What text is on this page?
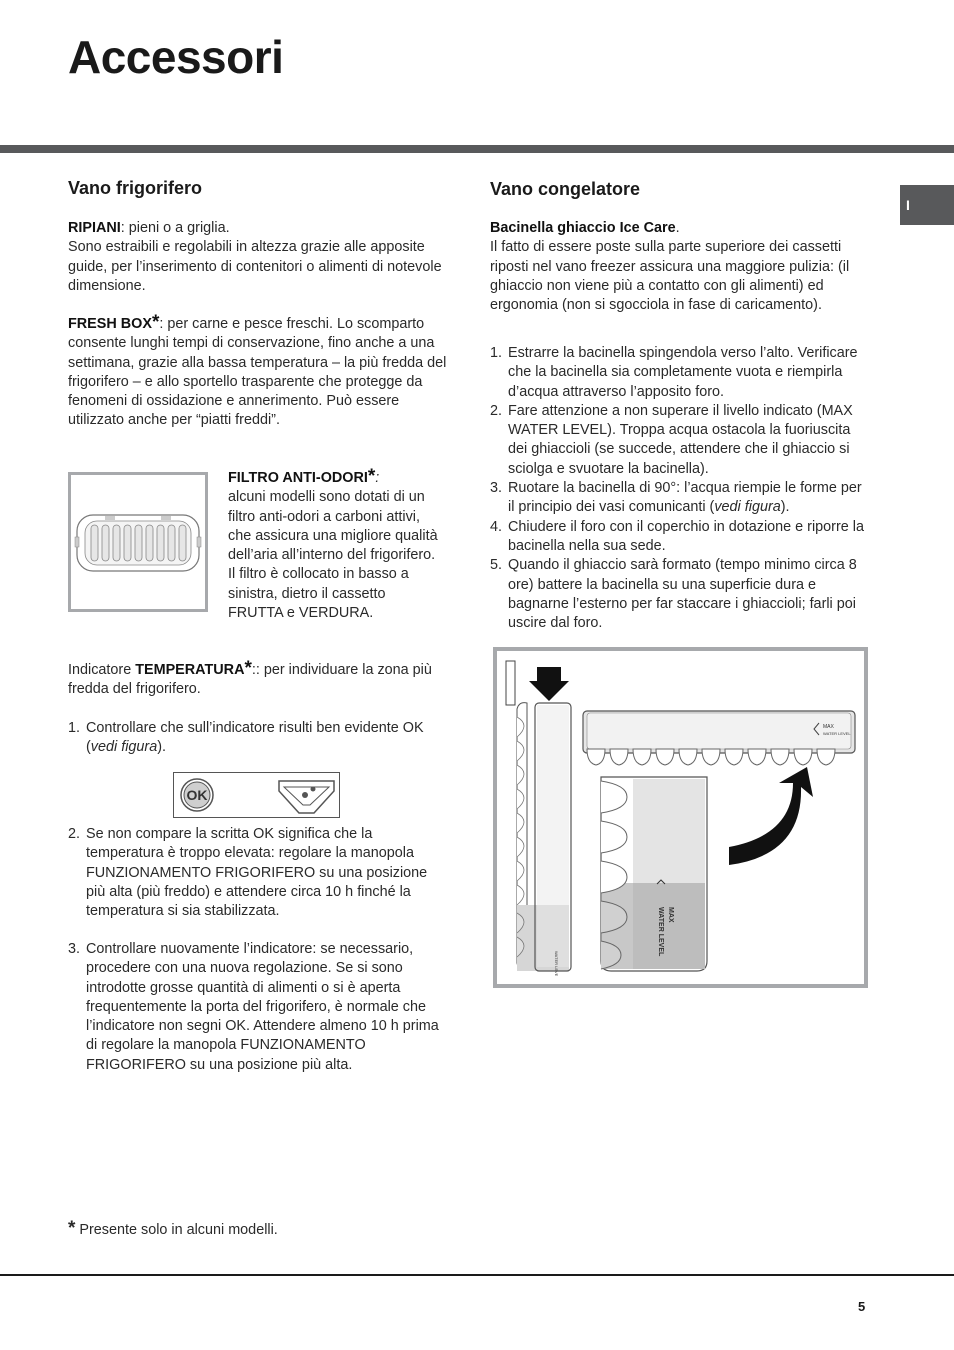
Accessori
I
Vano frigorifero

RIPIANI: pieni o a griglia.

Sono estraibili e regolabili in altezza grazie alle apposite guide, per l’inserimento di contenitori o alimenti di notevole dimensione.

FRESH BOX*: per carne e pesce freschi. Lo scomparto consente lunghi tempi di conservazione, fino anche a una settimana, grazie alla bassa temperatura – la più fredda del frigorifero – e allo sportello trasparente che protegge da fenomeni di ossidazione e annerimento. Può essere utilizzato anche per “piatti freddi”.

FILTRO ANTI-ODORI*:

alcuni modelli sono dotati di un filtro anti-odori a carboni attivi, che assicura una migliore qualità dell’aria all’interno del frigorifero. Il filtro è collocato in basso a sinistra, dietro il cassetto FRUTTA e VERDURA.

Indicatore TEMPERATURA*:: per individuare la zona più fredda del frigorifero.

1. Controllare che sull’indicatore risulti ben evidente OK (vedi figura).
OK
2. Se non compare la scritta OK significa che la temperatura è troppo elevata: regolare la manopola FUNZIONAMENTO FRIGORIFERO su una posizione più alta (più freddo) e attendere circa 10 h finché la temperatura si sia stabilizzata.
3. Controllare nuovamente l’indicatore: se necessario, procedere con una nuova regolazione. Se si sono introdotte grosse quantità di alimenti o si è aperta frequentemente la porta del frigorifero, è normale che l’indicatore non segni OK. Attendere almeno 10 h prima di regolare la manopola FUNZIONAMENTO FRIGORIFERO su una posizione più alta.
Vano congelatore

Bacinella ghiaccio Ice Care.

Il fatto di essere poste sulla parte superiore dei cassetti riposti nel vano freezer assicura una maggiore pulizia: (il ghiaccio non viene più a contatto con gli alimenti) ed ergonomia (non si sgocciola in fase di caricamento).

1. Estrarre la bacinella spingendola verso l’alto. Verificare che la bacinella sia completamente vuota e riempirla d’acqua attraverso l’apposito foro.
2. Fare attenzione a non superare il livello indicato (MAX WATER LEVEL). Troppa acqua ostacola la fuoriuscita dei ghiaccioli (se succede, attendere che il ghiaccio si sciolga e svuotare la bacinella).
3. Ruotare la bacinella di 90°: l’acqua riempie le forme per il principio dei vasi comunicanti (vedi figura).
4. Chiudere il foro con il coperchio in dotazione e riporre la bacinella nella sua sede.
5. Quando il ghiaccio sarà formato (tempo minimo circa 8 ore) battere la bacinella su una superficie dura e bagnarne l’esterno per far staccare i ghiaccioli; farli poi uscire dal foro.
WATER LEVEL
MAX
WATER LEVEL
MAX
WATER LEVEL
* Presente solo in alcuni modelli.
5
